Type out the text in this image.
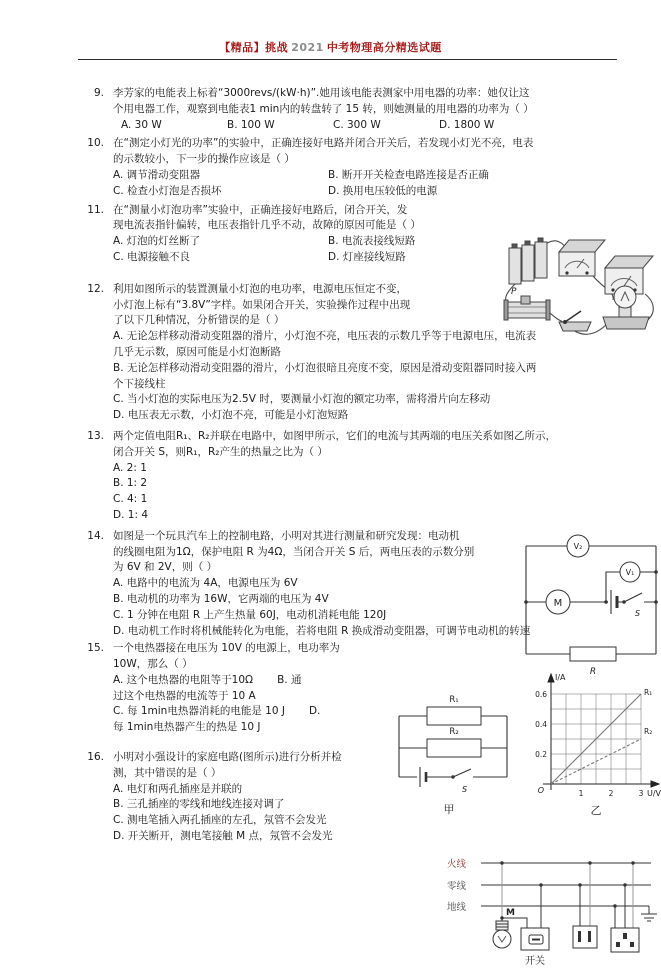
【精品】挑战 2021 中考物理高分精选试题
9. 李芳家的电能表上标着“3000revs/(kW·h)”.她用该电能表测家中用电器的功率：她仅让这
个用电器工作，观察到电能表1 min内的转盘转了 15 转，则她测量的用电器的功率为（ ）
A. 30 W	B. 100 W	C. 300 W	D. 1800 W
10. 在“测定小灯光的功率”的实验中，正确连接好电路并闭合开关后，若发现小灯光不亮，电表
的示数较小，下一步的操作应该是（ ）
A. 调节滑动变阻器	B. 断开开关检查电路连接是否正确
C. 检查小灯泡是否损坏	D. 换用电压较低的电源
11. 在“测量小灯泡功率”实验中，正确连接好电路后，闭合开关，发
现电流表指针偏转，电压表指针几乎不动，故障的原因可能是（ ）
A. 灯泡的灯丝断了	B. 电流表接线短路
C. 电源接触不良	D. 灯座接线短路
12. 利用如图所示的装置测量小灯泡的电功率，电源电压恒定不变，
小灯泡上标有“3.8V”字样。如果闭合开关，实验操作过程中出现
了以下几种情况，分析错误的是（ ）
A. 无论怎样移动滑动变阻器的滑片，小灯泡不亮，电压表的示数几乎等于电源电压，电流表
几乎无示数，原因可能是小灯泡断路
B. 无论怎样移动滑动变阻器的滑片，小灯泡很暗且亮度不变，原因是滑动变阻器同时接入两
个下接线柱
C. 当小灯泡的实际电压为2.5V 时，要测量小灯泡的额定功率，需将滑片向左移动
D. 电压表无示数，小灯泡不亮，可能是小灯泡短路
13. 两个定值电阻R₁、R₂并联在电路中，如图甲所示，它们的电流与其两端的电压关系如图乙所示，
闭合开关 S，则R₁，R₂产生的热量之比为（ ）
A. 2: 1
B. 1: 2
C. 4: 1
D. 1: 4
14. 如图是一个玩具汽车上的控制电路，小明对其进行测量和研究发现：电动机
的线圈电阻为1Ω，保护电阻 R 为4Ω，当闭合开关 S 后，两电压表的示数分别
为 6V 和 2V，则（ ）
A. 电路中的电流为 4A，电源电压为 6V
B. 电动机的功率为 16W，它两端的电压为 4V
C. 1 分钟在电阻 R 上产生热量 60J，电动机消耗电能 120J
D. 电动机工作时将机械能转化为电能，若将电阻 R 换成滑动变阻器，可调节电动机的转速
15. 一个电热器接在电压为 10V 的电源上，电功率为
10W，那么（ ）
A. 这个电热器的电阻等于10Ω B. 通
过这个电热器的电流等于 10 A
C. 每 1min电热器消耗的电能是 10 J D.
每 1min电热器产生的热是 10 J
16. 小明对小强设计的家庭电路(图所示)进行分析并检
测，其中错误的是（ ）
A. 电灯和两孔插座是并联的
B. 三孔插座的零线和地线连接对调了
C. 测电笔插入两孔插座的左孔，氖管不会发光
D. 开关断开，测电笔接触 M 点，氖管不会发光
P
V₂
V₁
M
S
R
R₁
R₂
S
甲
0.6
0.4
0.2
1	2	3
I/A
U/V
O
R₁
R₂
乙
火线
零线
地线	M
开关
